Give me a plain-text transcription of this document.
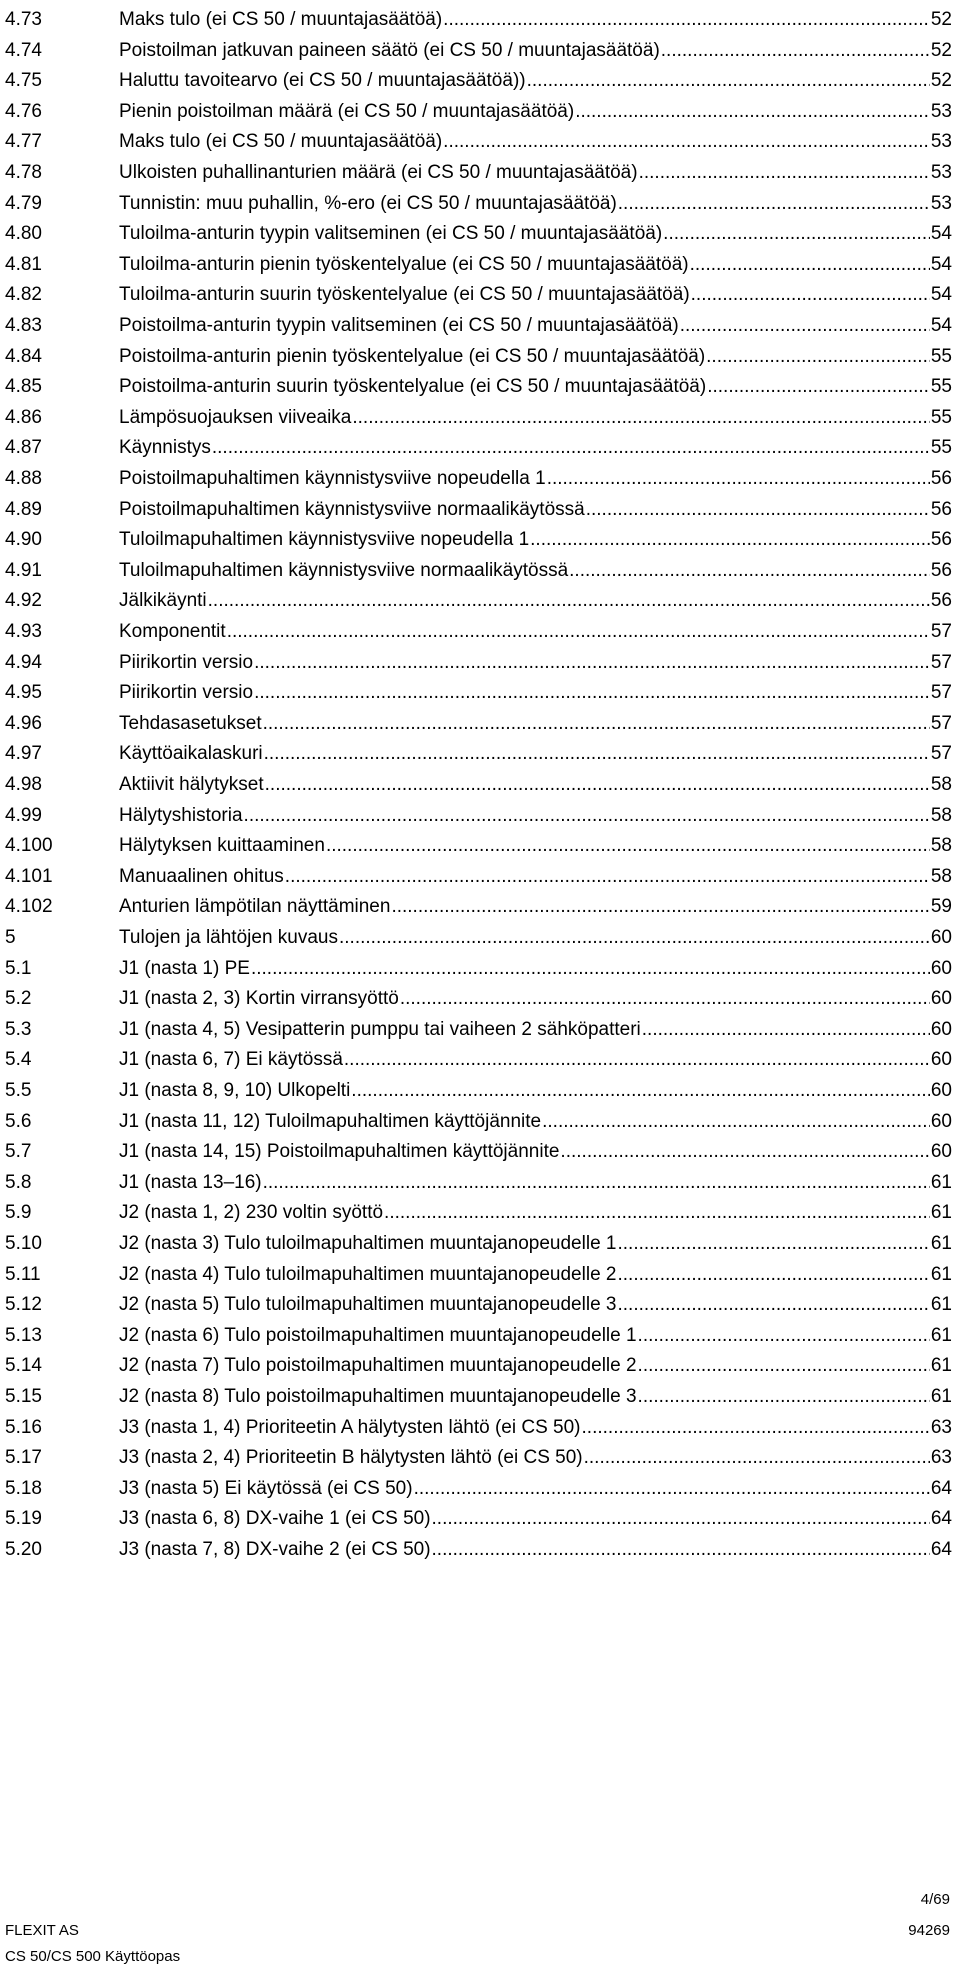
4.73	Maks tulo (ei CS 50 / muuntajasäätöä) .....	52
4.74	Poistoilman jatkuvan paineen säätö (ei CS 50 / muuntajasäätöä) .....	52
4.75	Haluttu tavoitearvo (ei CS 50 / muuntajasäätöä)) .....	52
4.76	Pienin poistoilman määrä (ei CS 50 / muuntajasäätöä) .....	53
4.77	Maks tulo (ei CS 50 / muuntajasäätöä) .....	53
4.78	Ulkoisten puhallinanturien määrä (ei CS 50 / muuntajasäätöä) .....	53
4.79	Tunnistin: muu puhallin, %-ero (ei CS 50 / muuntajasäätöä) .....	53
4.80	Tuloilma-anturin tyypin valitseminen (ei CS 50 / muuntajasäätöä) .....	54
4.81	Tuloilma-anturin pienin työskentelyalue (ei CS 50 / muuntajasäätöä) .....	54
4.82	Tuloilma-anturin suurin työskentelyalue (ei CS 50 / muuntajasäätöä) .....	54
4.83	Poistoilma-anturin tyypin valitseminen (ei CS 50 / muuntajasäätöä) .....	54
4.84	Poistoilma-anturin pienin työskentelyalue (ei CS 50 / muuntajasäätöä) .....	55
4.85	Poistoilma-anturin suurin työskentelyalue (ei CS 50 / muuntajasäätöä) .....	55
4.86	Lämpösuojauksen viiveaika .....	55
4.87	Käynnistys .....	55
4.88	Poistoilmapuhaltimen käynnistysviive nopeudella 1 .....	56
4.89	Poistoilmapuhaltimen käynnistysviive normaalikäytössä .....	56
4.90	Tuloilmapuhaltimen käynnistysviive nopeudella 1 .....	56
4.91	Tuloilmapuhaltimen käynnistysviive normaalikäytössä .....	56
4.92	Jälkikäynti .....	56
4.93	Komponentit .....	57
4.94	Piirikortin versio .....	57
4.95	Piirikortin versio .....	57
4.96	Tehdasasetukset .....	57
4.97	Käyttöaikalaskuri .....	57
4.98	Aktiivit hälytykset .....	58
4.99	Hälytyshistoria .....	58
4.100	Hälytyksen kuittaaminen .....	58
4.101	Manuaalinen ohitus .....	58
4.102	Anturien lämpötilan näyttäminen .....	59
5	Tulojen ja lähtöjen kuvaus .....	60
5.1	J1 (nasta 1) PE .....	60
5.2	J1 (nasta 2, 3) Kortin virransyöttö .....	60
5.3	J1 (nasta 4, 5) Vesipatterin pumppu tai vaiheen 2 sähköpatteri .....	60
5.4	J1 (nasta 6, 7) Ei käytössä .....	60
5.5	J1 (nasta 8, 9, 10) Ulkopelti .....	60
5.6	J1 (nasta 11, 12) Tuloilmapuhaltimen käyttöjännite .....	60
5.7	J1 (nasta 14, 15) Poistoilmapuhaltimen käyttöjännite .....	60
5.8	J1 (nasta 13–16) .....	61
5.9	J2 (nasta 1, 2) 230 voltin syöttö .....	61
5.10	J2 (nasta 3) Tulo tuloilmapuhaltimen muuntajanopeudelle 1 .....	61
5.11	J2 (nasta 4) Tulo tuloilmapuhaltimen muuntajanopeudelle 2 .....	61
5.12	J2 (nasta 5) Tulo tuloilmapuhaltimen muuntajanopeudelle 3 .....	61
5.13	J2 (nasta 6) Tulo poistoilmapuhaltimen muuntajanopeudelle 1 .....	61
5.14	J2 (nasta 7) Tulo poistoilmapuhaltimen muuntajanopeudelle 2 .....	61
5.15	J2 (nasta 8) Tulo poistoilmapuhaltimen muuntajanopeudelle 3 .....	61
5.16	J3 (nasta 1, 4) Prioriteetin A hälytysten lähtö (ei CS 50) .....	63
5.17	J3 (nasta 2, 4) Prioriteetin B hälytysten lähtö (ei CS 50) .....	63
5.18	J3 (nasta 5) Ei käytössä (ei CS 50) .....	64
5.19	J3 (nasta 6, 8) DX-vaihe 1 (ei CS 50) .....	64
5.20	J3 (nasta 7, 8) DX-vaihe 2 (ei CS 50) .....	64
4/69
FLEXIT AS	94269
CS 50/CS 500 Käyttöopas
